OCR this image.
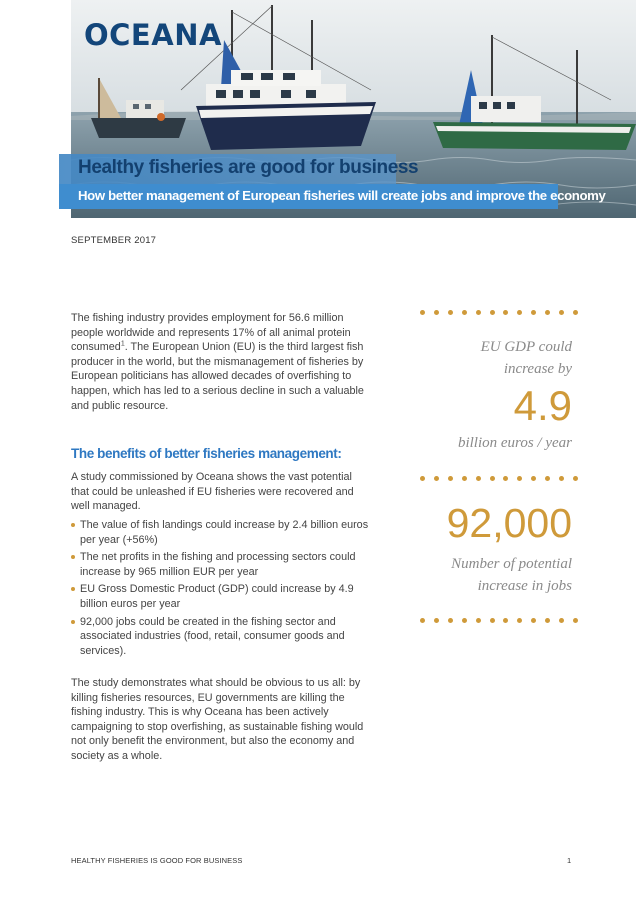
OCEANA
Healthy fisheries are good for business
How better management of European fisheries will create jobs and improve the economy
SEPTEMBER 2017

The fishing industry provides employment for 56.6 million people worldwide and represents 17% of all animal protein consumed$^1$. The European Union (EU) is the third largest fish producer in the world, but the mismanagement of fisheries by European politicians has allowed decades of overfishing to happen, which has led to a serious decline in such a valuable and public resource.

The benefits of better fisheries management:

A study commissioned by Oceana shows the vast potential that could be unleashed if EU fisheries were recovered and well managed.

The value of fish landings could increase by 2.4 billion euros per year (+56%)
The net profits in the fishing and processing sectors could increase by 965 million EUR per year
EU Gross Domestic Product (GDP) could increase by 4.9 billion euros per year
92,000 jobs could be created in the fishing sector and associated industries (food, retail, consumer goods and services).

The study demonstrates what should be obvious to us all: by killing fisheries resources, EU governments are killing the fishing industry. This is why Oceana has been actively campaigning to stop overfishing, as sustainable fishing would not only benefit the environment, but also the economy and society as a whole.

EU GDP could
increase by
4.9
billion euros / year
92,000
Number of potential
increase in jobs
HEALTHY FISHERIES IS GOOD FOR BUSINESS	1
